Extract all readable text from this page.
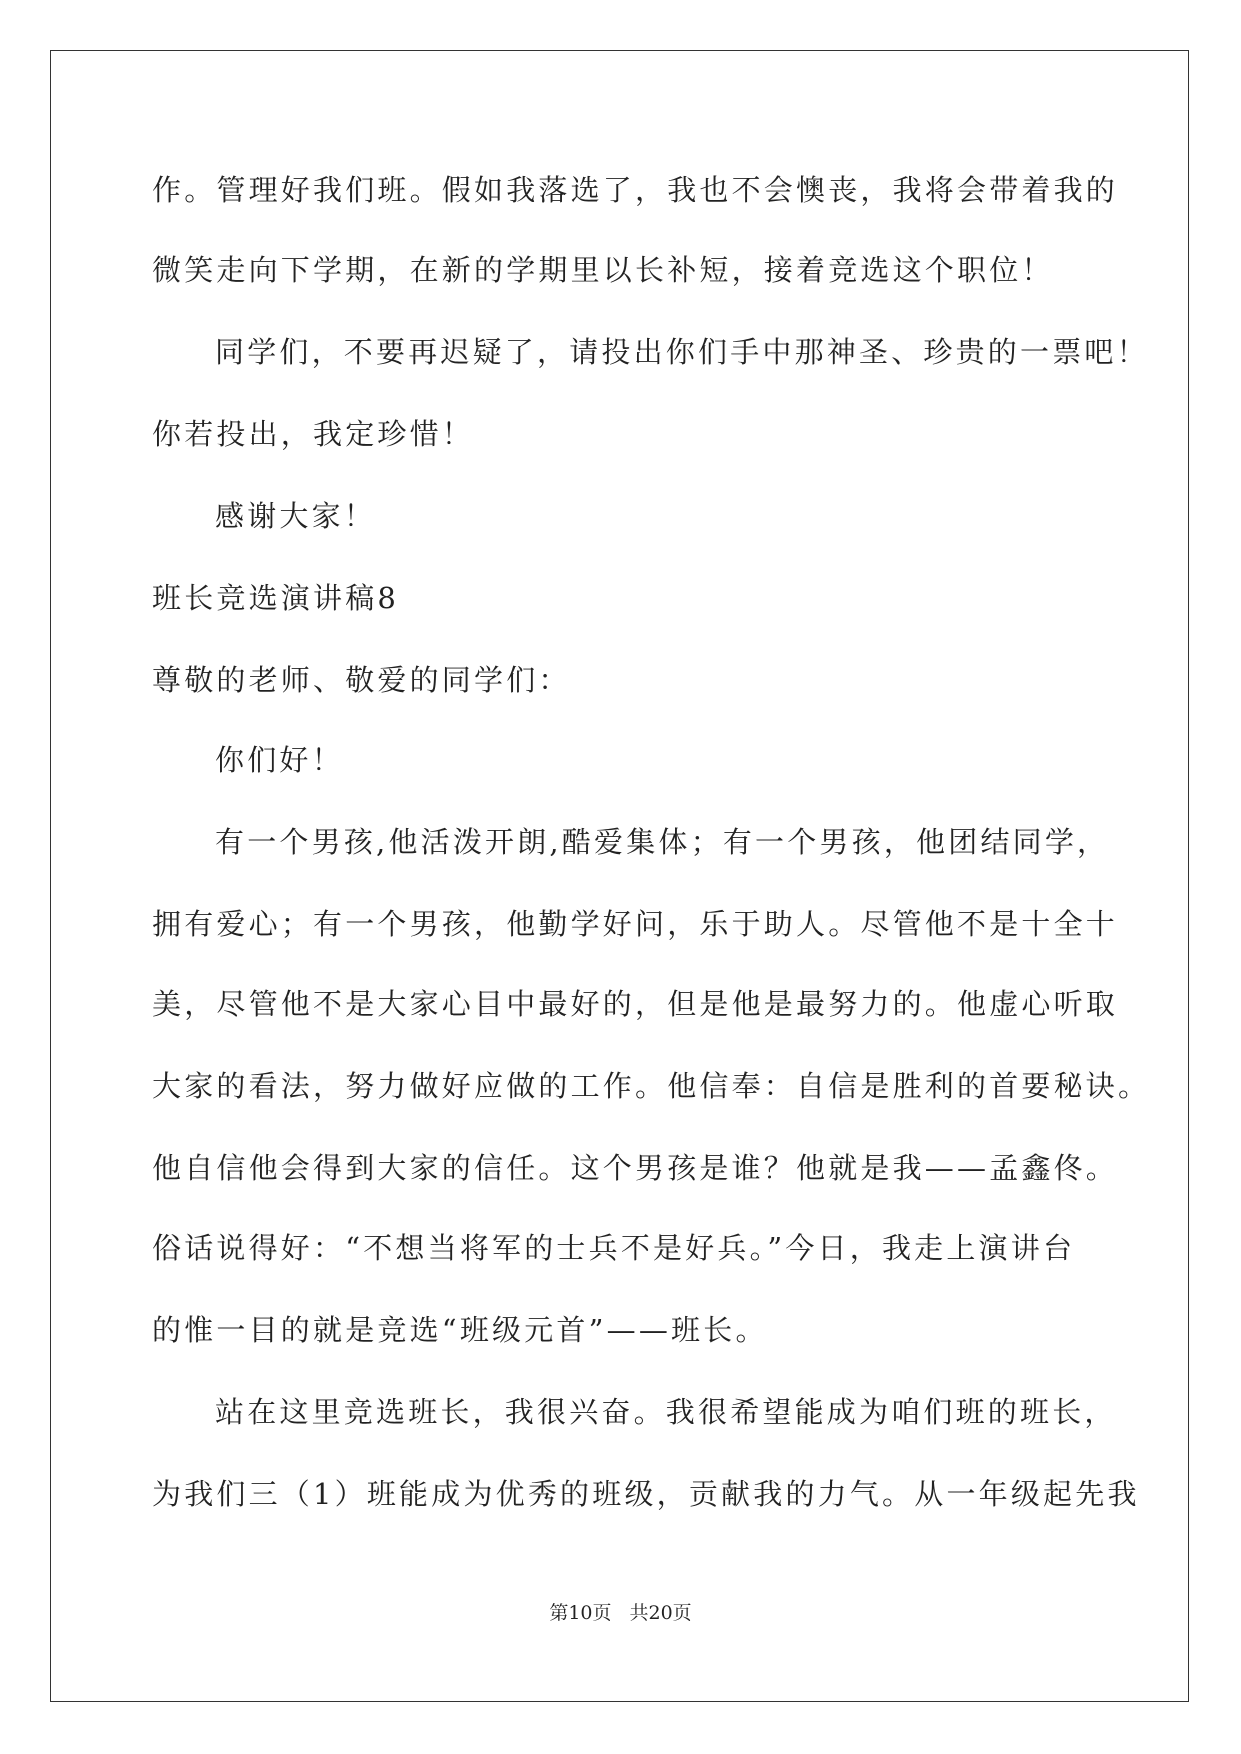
作。管理好我们班。假如我落选了，我也不会懊丧，我将会带着我的
微笑走向下学期，在新的学期里以长补短，接着竞选这个职位！
同学们，不要再迟疑了，请投出你们手中那神圣、珍贵的一票吧！
你若投出，我定珍惜！
感谢大家！
班长竞选演讲稿8
尊敬的老师、敬爱的同学们：
你们好！
有一个男孩,他活泼开朗,酷爱集体；有一个男孩，他团结同学，
拥有爱心；有一个男孩，他勤学好问，乐于助人。尽管他不是十全十
美，尽管他不是大家心目中最好的，但是他是最努力的。他虚心听取
大家的看法，努力做好应做的工作。他信奉：自信是胜利的首要秘诀。
他自信他会得到大家的信任。这个男孩是谁？他就是我——孟鑫佟。
俗话说得好：“不想当将军的士兵不是好兵。”今日，我走上演讲台
的惟一目的就是竞选“班级元首”——班长。
站在这里竞选班长，我很兴奋。我很希望能成为咱们班的班长，
为我们三（1）班能成为优秀的班级，贡献我的力气。从一年级起先我
第10页 共20页
